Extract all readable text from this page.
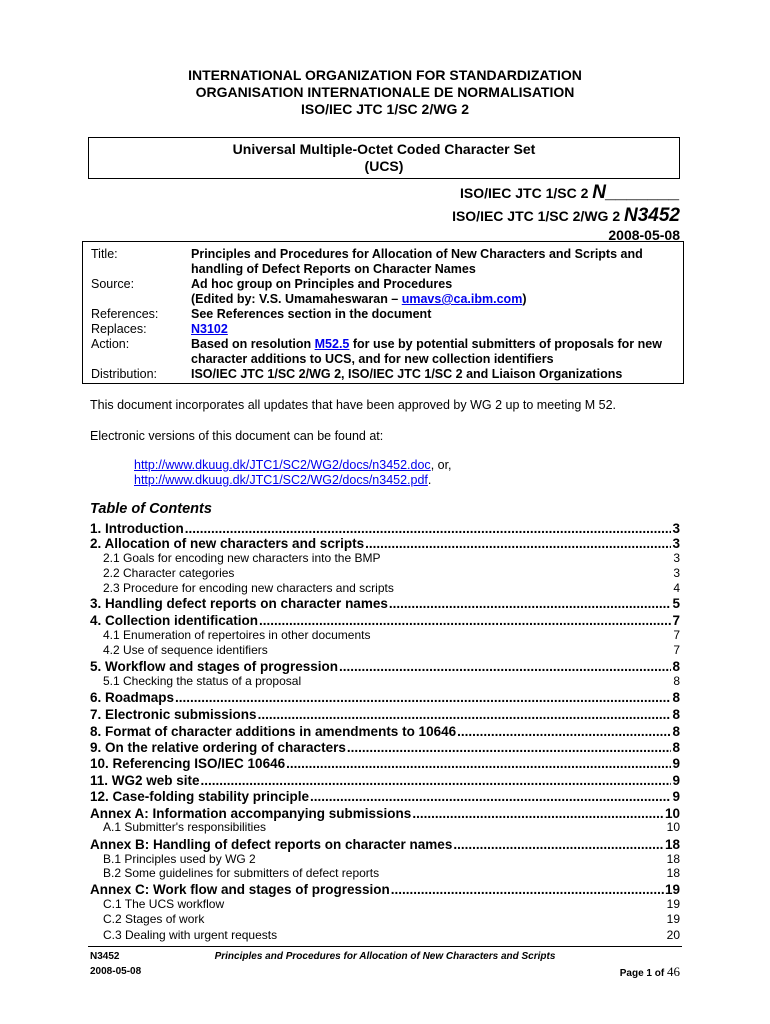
INTERNATIONAL ORGANIZATION FOR STANDARDIZATION
ORGANISATION INTERNATIONALE DE NORMALISATION
ISO/IEC JTC 1/SC 2/WG 2
Universal Multiple-Octet Coded Character Set
(UCS)
ISO/IEC JTC 1/SC 2 N_______
ISO/IEC JTC 1/SC 2/WG 2 N3452
2008-05-08
Title:	Principles and Procedures for Allocation of New Characters and Scripts and
handling of Defect Reports on Character Names
Source:	Ad hoc group on Principles and Procedures
(Edited by: V.S. Umamaheswaran – umavs@ca.ibm.com)
References:	See References section in the document
Replaces:	N3102
Action:	Based on resolution M52.5 for use by potential submitters of proposals for new
character additions to UCS, and for new collection identifiers
Distribution:	ISO/IEC JTC 1/SC 2/WG 2, ISO/IEC JTC 1/SC 2 and Liaison Organizations
This document incorporates all updates that have been approved by WG 2 up to meeting M 52.
Electronic versions of this document can be found at:
http://www.dkuug.dk/JTC1/SC2/WG2/docs/n3452.doc, or,
http://www.dkuug.dk/JTC1/SC2/WG2/docs/n3452.pdf.
Table of Contents
1. Introduction .....	3
2. Allocation of new characters and scripts .....	3
2.1 Goals for encoding new characters into the BMP	3
2.2 Character categories	3
2.3 Procedure for encoding new characters and scripts	4
3. Handling defect reports on character names .....	5
4. Collection identification .....	7
4.1 Enumeration of repertoires in other documents	7
4.2 Use of sequence identifiers	7
5. Workflow and stages of progression .....	8
5.1 Checking the status of a proposal	8
6. Roadmaps .....	8
7. Electronic submissions .....	8
8. Format of character additions in amendments to 10646 .....	8
9. On the relative ordering of characters .....	8
10. Referencing ISO/IEC 10646 .....	9
11. WG2 web site .....	9
12. Case-folding stability principle .....	9
Annex A: Information accompanying submissions .....	10
A.1 Submitter's responsibilities	10
Annex B: Handling of defect reports on character names .....	18
B.1 Principles used by WG 2	18
B.2 Some guidelines for submitters of defect reports	18
Annex C: Work flow and stages of progression .....	19
C.1 The UCS workflow	19
C.2 Stages of work	19
C.3 Dealing with urgent requests	20
N3452
2008-05-08
Principles and Procedures for Allocation of New Characters and Scripts
Page 1 of 46
